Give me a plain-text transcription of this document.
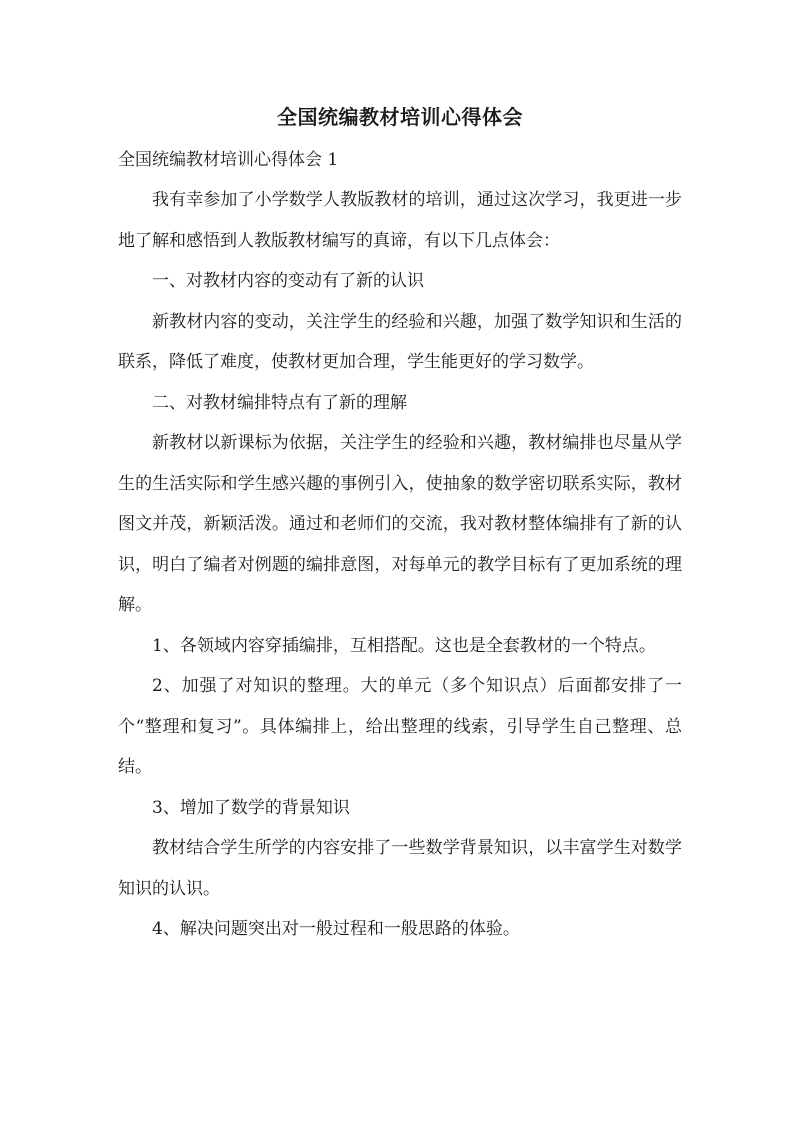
全国统编教材培训心得体会
全国统编教材培训心得体会 1

我有幸参加了小学数学人教版教材的培训，通过这次学习，我更进一步地了解和感悟到人教版教材编写的真谛，有以下几点体会：

一、对教材内容的变动有了新的认识

新教材内容的变动，关注学生的经验和兴趣，加强了数学知识和生活的联系，降低了难度，使教材更加合理，学生能更好的学习数学。

二、对教材编排特点有了新的理解

新教材以新课标为依据，关注学生的经验和兴趣，教材编排也尽量从学生的生活实际和学生感兴趣的事例引入，使抽象的数学密切联系实际，教材图文并茂，新颖活泼。通过和老师们的交流，我对教材整体编排有了新的认识，明白了编者对例题的编排意图，对每单元的教学目标有了更加系统的理解。

1、各领域内容穿插编排，互相搭配。这也是全套教材的一个特点。

2、加强了对知识的整理。大的单元（多个知识点）后面都安排了一个“整理和复习”。具体编排上，给出整理的线索，引导学生自己整理、总结。

3、增加了数学的背景知识

教材结合学生所学的内容安排了一些数学背景知识，以丰富学生对数学知识的认识。

4、解决问题突出对一般过程和一般思路的体验。
